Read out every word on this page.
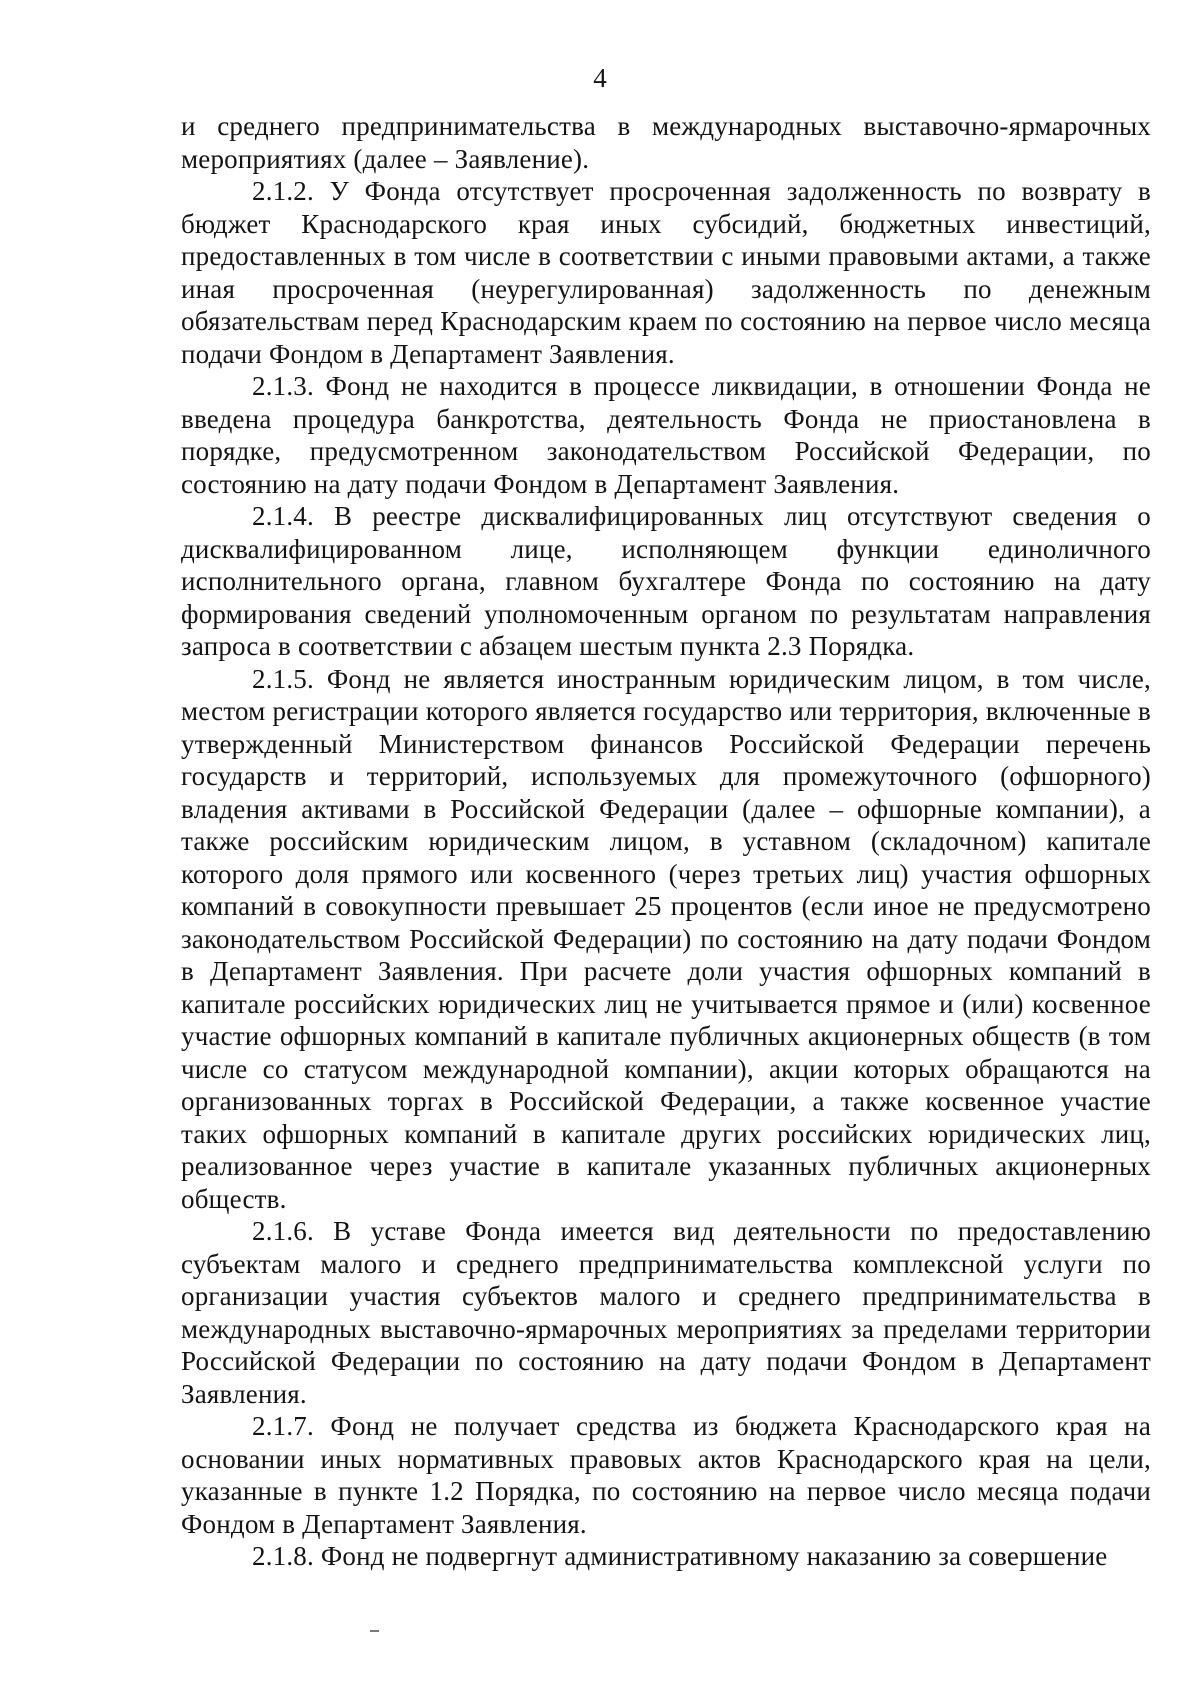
4

и среднего предпринимательства в международных выставочно-ярмарочных мероприятиях (далее – Заявление).

2.1.2. У Фонда отсутствует просроченная задолженность по возврату в бюджет Краснодарского края иных субсидий, бюджетных инвестиций, предоставленных в том числе в соответствии с иными правовыми актами, а также иная просроченная (неурегулированная) задолженность по денежным обязательствам перед Краснодарским краем по состоянию на первое число месяца подачи Фондом в Департамент Заявления.

2.1.3. Фонд не находится в процессе ликвидации, в отношении Фонда не введена процедура банкротства, деятельность Фонда не приостановлена в порядке, предусмотренном законодательством Российской Федерации, по состоянию на дату подачи Фондом в Департамент Заявления.

2.1.4. В реестре дисквалифицированных лиц отсутствуют сведения о дисквалифицированном лице, исполняющем функции единоличного исполнительного органа, главном бухгалтере Фонда по состоянию на дату формирования сведений уполномоченным органом по результатам направления запроса в соответствии с абзацем шестым пункта 2.3 Порядка.

2.1.5. Фонд не является иностранным юридическим лицом, в том числе, местом регистрации которого является государство или территория, включенные в утвержденный Министерством финансов Российской Федерации перечень государств и территорий, используемых для промежуточного (офшорного) владения активами в Российской Федерации (далее – офшорные компании), а также российским юридическим лицом, в уставном (складочном) капитале которого доля прямого или косвенного (через третьих лиц) участия офшорных компаний в совокупности превышает 25 процентов (если иное не предусмотрено законодательством Российской Федерации) по состоянию на дату подачи Фондом в Департамент Заявления. При расчете доли участия офшорных компаний в капитале российских юридических лиц не учитывается прямое и (или) косвенное участие офшорных компаний в капитале публичных акционерных обществ (в том числе со статусом международной компании), акции которых обращаются на организованных торгах в Российской Федерации, а также косвенное участие таких офшорных компаний в капитале других российских юридических лиц, реализованное через участие в капитале указанных публичных акционерных обществ.

2.1.6. В уставе Фонда имеется вид деятельности по предоставлению субъектам малого и среднего предпринимательства комплексной услуги по организации участия субъектов малого и среднего предпринимательства в международных выставочно-ярмарочных мероприятиях за пределами территории Российской Федерации по состоянию на дату подачи Фондом в Департамент Заявления.

2.1.7. Фонд не получает средства из бюджета Краснодарского края на основании иных нормативных правовых актов Краснодарского края на цели, указанные в пункте 1.2 Порядка, по состоянию на первое число месяца подачи Фондом в Департамент Заявления.

2.1.8. Фонд не подвергнут административному наказанию за совершение
